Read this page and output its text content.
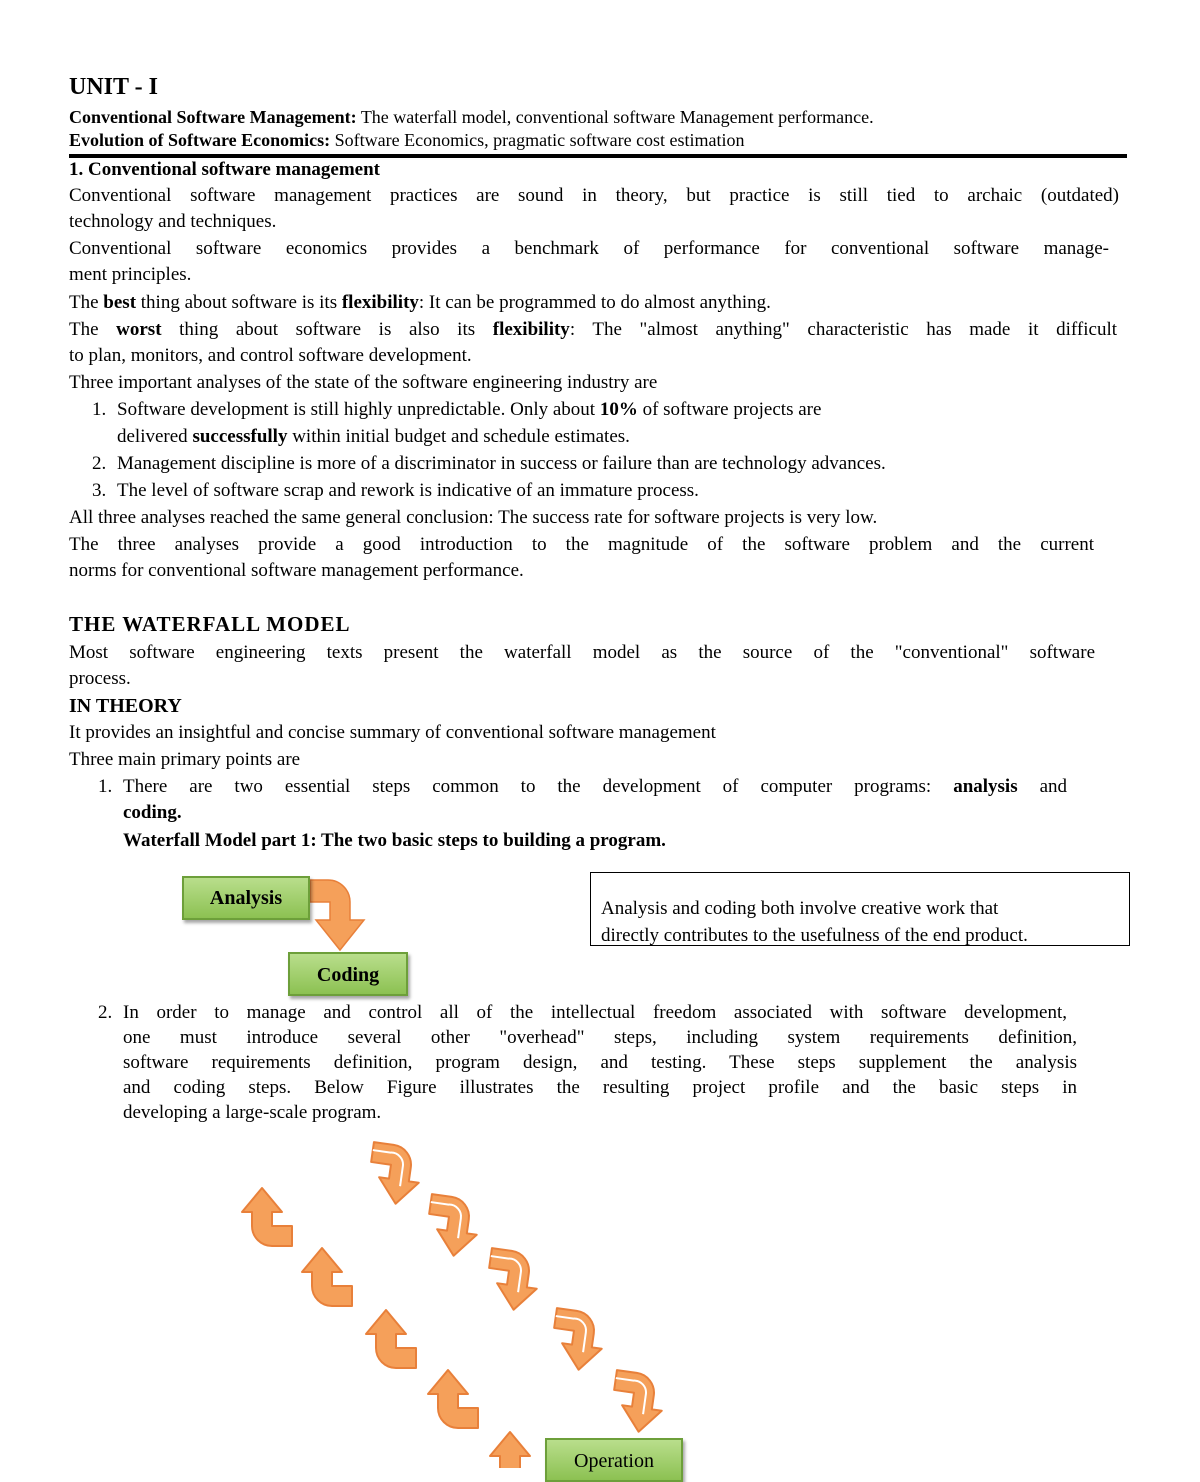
UNIT - I
Conventional Software Management: The waterfall model, conventional software Management performance.
Evolution of Software Economics: Software Economics, pragmatic software cost estimation
1. Conventional software management
Conventional software management practices are sound in theory, but practice is still tied to archaic (outdated)
technology and techniques.
Conventional software economics provides a benchmark of performance for conventional software manage-
ment principles.
The best thing about software is its flexibility: It can be programmed to do almost anything.
The worst thing about software is also its flexibility: The "almost anything" characteristic has made it difficult
to plan, monitors, and control software development.
Three important analyses of the state of the software engineering industry are
1. Software development is still highly unpredictable. Only about 10% of software projects are
delivered successfully within initial budget and schedule estimates.
2. Management discipline is more of a discriminator in success or failure than are technology advances.
3. The level of software scrap and rework is indicative of an immature process.
All three analyses reached the same general conclusion: The success rate for software projects is very low.
The three analyses provide a good introduction to the magnitude of the software problem and the current
norms for conventional software management performance.
THE WATERFALL MODEL
Most software engineering texts present the waterfall model as the source of the "conventional" software
process.
IN THEORY
It provides an insightful and concise summary of conventional software management
Three main primary points are
1. There are two essential steps common to the development of computer programs: analysis and
coding.
Waterfall Model part 1: The two basic steps to building a program.
Analysis
Coding
Analysis and coding both involve creative work that
directly contributes to the usefulness of the end product.
2. In order to manage and control all of the intellectual freedom associated with software development,
one must introduce several other "overhead" steps, including system requirements definition,
software requirements definition, program design, and testing. These steps supplement the analysis
and coding steps. Below Figure illustrates the resulting project profile and the basic steps in
developing a large-scale program.
Operation
